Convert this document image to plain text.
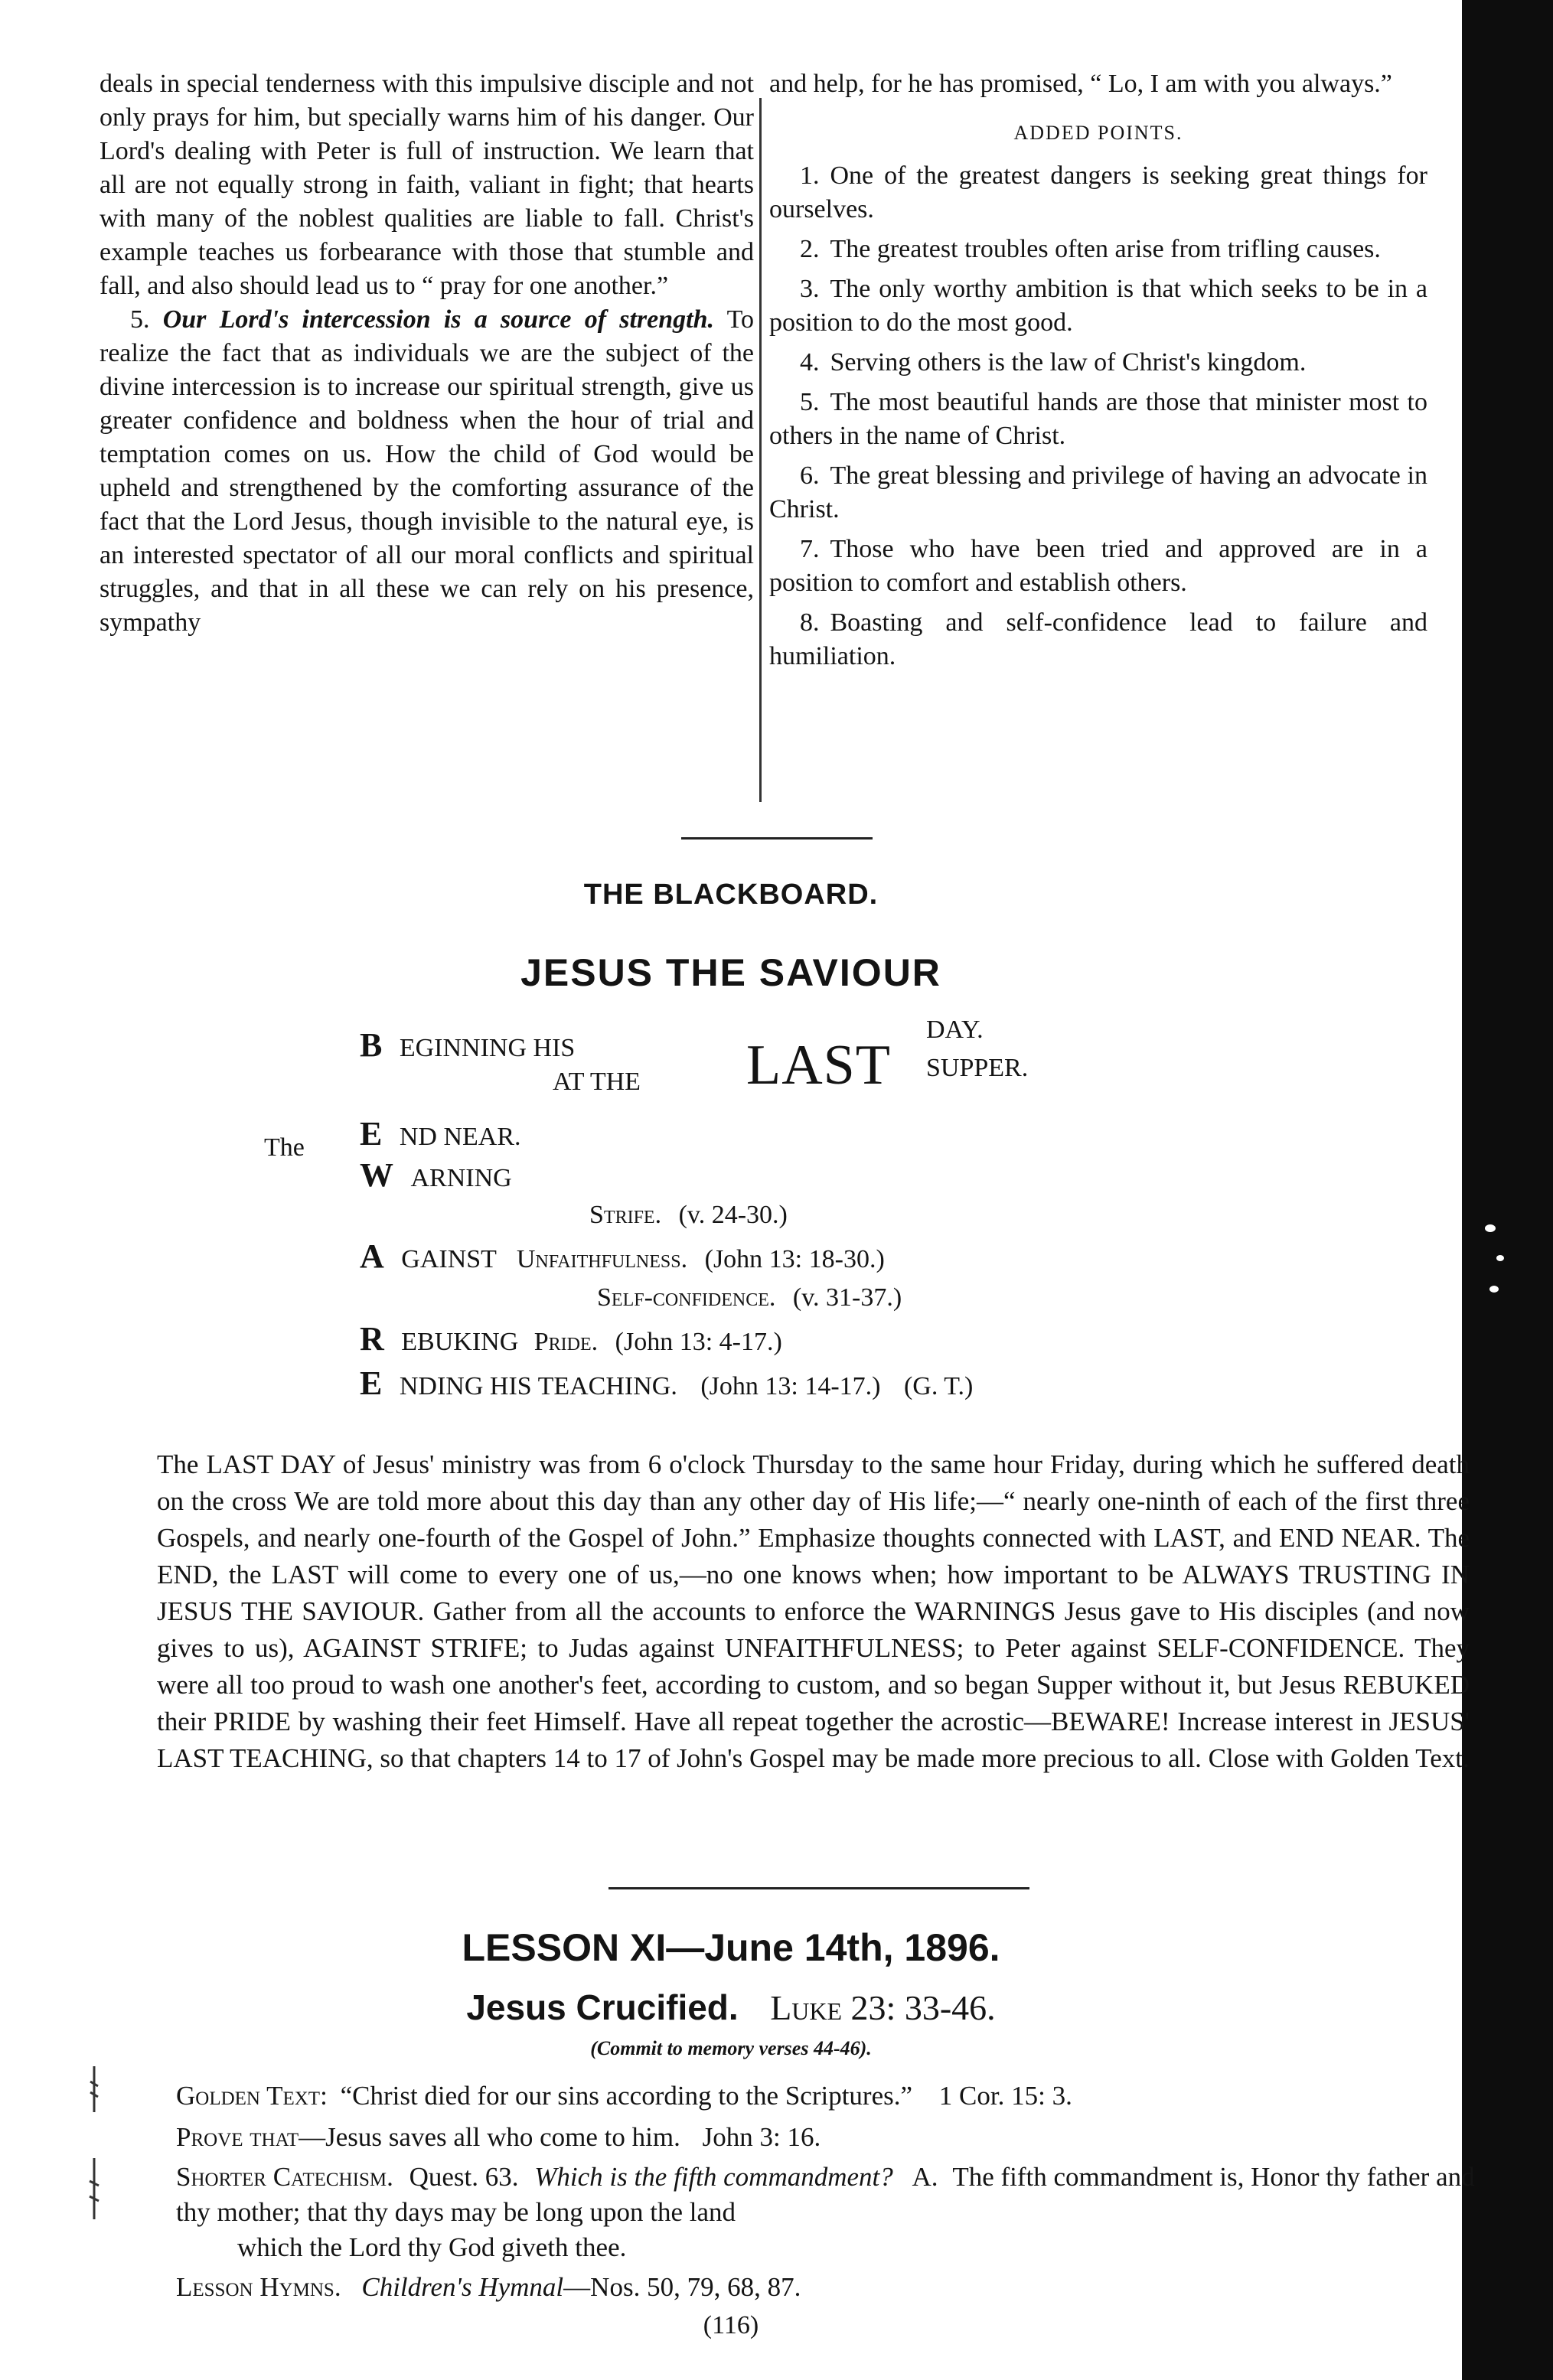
deals in special tenderness with this impulsive disciple and not only prays for him, but specially warns him of his danger. Our Lord's dealing with Peter is full of instruction. We learn that all are not equally strong in faith, valiant in fight; that hearts with many of the noblest qualities are liable to fall. Christ's example teaches us forbearance with those that stumble and fall, and also should lead us to “ pray for one another.”

5. Our Lord's intercession is a source of strength. To realize the fact that as individuals we are the subject of the divine intercession is to increase our spiritual strength, give us greater confidence and boldness when the hour of trial and temptation comes on us. How the child of God would be upheld and strengthened by the comforting assurance of the fact that the Lord Jesus, though invisible to the natural eye, is an interested spectator of all our moral conflicts and spiritual struggles, and that in all these we can rely on his presence, sympathy

and help, for he has promised, “ Lo, I am with you always.”

ADDED POINTS.

1. One of the greatest dangers is seeking great things for ourselves.
2. The greatest troubles often arise from trifling causes.
3. The only worthy ambition is that which seeks to be in a position to do the most good.
4. Serving others is the law of Christ's kingdom.
5. The most beautiful hands are those that minister most to others in the name of Christ.
6. The great blessing and privilege of having an advocate in Christ.
7. Those who have been tried and approved are in a position to comfort and establish others.
8. Boasting and self-confidence lead to failure and humiliation.
THE BLACKBOARD.
JESUS THE SAVIOUR
B EGINNING HIS
AT THE LAST
DAY.
SUPPER.
The E ND NEAR.
W ARNING
Strife. (v. 24-30.)
A GAINST Unfaithfulness. (John 13: 18-30.)
Self-confidence. (v. 31-37.)
R EBUKING Pride. (John 13: 4-17.)
E NDING HIS TEACHING. (John 13: 14-17.) (G. T.)

The LAST DAY of Jesus' ministry was from 6 o'clock Thursday to the same hour Friday, during which he suffered death on the cross We are told more about this day than any other day of His life;—“ nearly one-ninth of each of the first three Gospels, and nearly one-fourth of the Gospel of John.” Emphasize thoughts connected with LAST, and END NEAR. The END, the LAST will come to every one of us,—no one knows when; how important to be ALWAYS TRUSTING IN JESUS THE SAVIOUR. Gather from all the accounts to enforce the WARNINGS Jesus gave to His disciples (and now gives to us), AGAINST STRIFE; to Judas against UNFAITHFULNESS; to Peter against SELF-CONFIDENCE. They were all too proud to wash one another's feet, according to custom, and so began Supper without it, but Jesus REBUKED their PRIDE by washing their feet Himself. Have all repeat together the acrostic—BEWARE! Increase interest in JESUS' LAST TEACHING, so that chapters 14 to 17 of John's Gospel may be made more precious to all. Close with Golden Text.

LESSON XI—June 14th, 1896.
Jesus Crucified. Luke 23: 33-46.
(Commit to memory verses 44-46).
Golden Text: “Christ died for our sins according to the Scriptures.” 1 Cor. 15: 3.
Prove that—Jesus saves all who come to him. John 3: 16.
Shorter Catechism. Quest. 63. Which is the fifth commandment? A. The fifth commandment is, Honor thy father and thy mother; that thy days may be long upon the land
which the Lord thy God giveth thee.
Lesson Hymns. Children's Hymnal—Nos. 50, 79, 68, 87.
(116)
